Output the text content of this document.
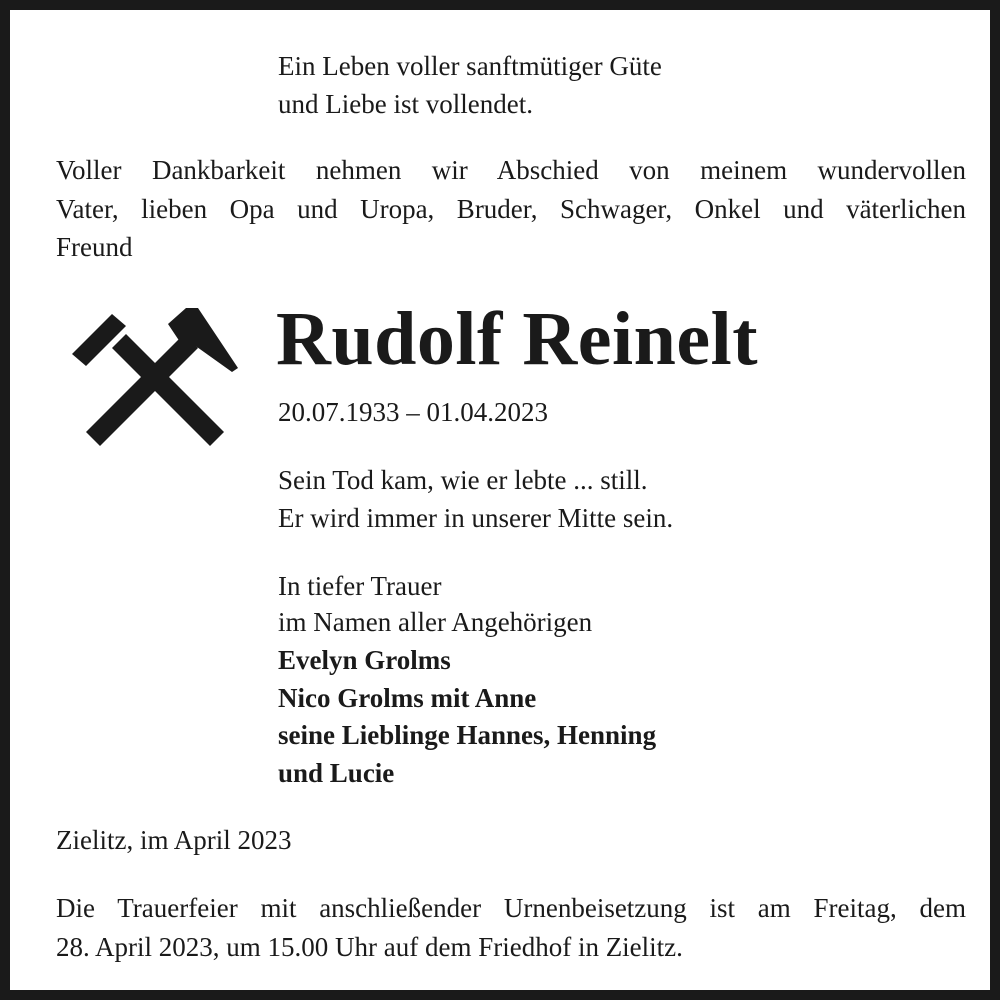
Ein Leben voller sanftmütiger Güte
und Liebe ist vollendet.
Voller Dankbarkeit nehmen wir Abschied von meinem wundervollen
Vater, lieben Opa und Uropa, Bruder, Schwager, Onkel und väterlichen
Freund
Rudolf Reinelt
20.07.1933 – 01.04.2023
Sein Tod kam, wie er lebte ... still.
Er wird immer in unserer Mitte sein.
In tiefer Trauer
im Namen aller Angehörigen
Evelyn Grolms
Nico Grolms mit Anne
seine Lieblinge Hannes, Henning
und Lucie
Zielitz, im April 2023
Die Trauerfeier mit anschließender Urnenbeisetzung ist am Freitag, dem
28. April 2023, um 15.00 Uhr auf dem Friedhof in Zielitz.
